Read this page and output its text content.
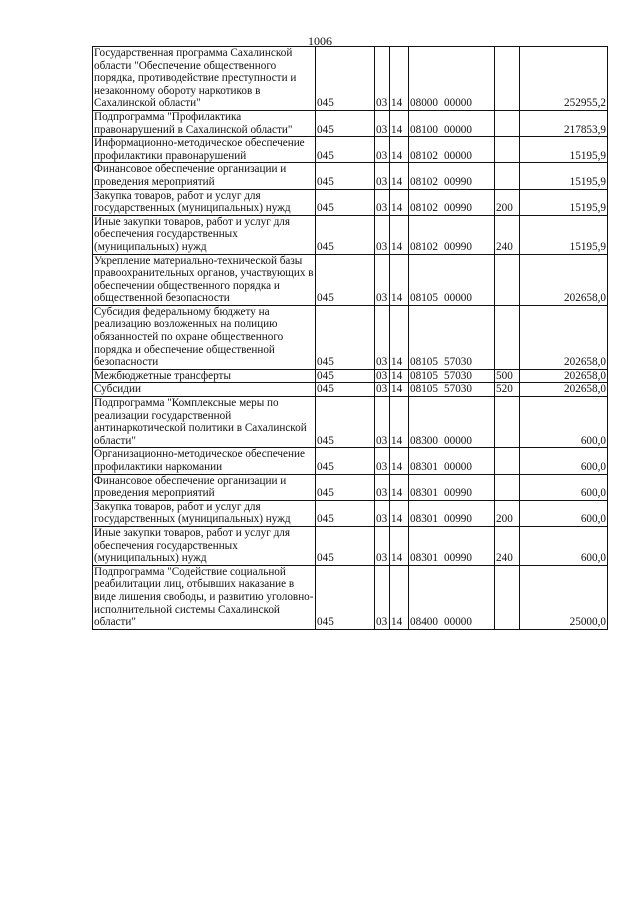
1006
Государственная программа Сахалинской области "Обеспечение общественного порядка, противодействие преступности и незаконному обороту наркотиков в Сахалинской области"	045	03	14	08000 00000		252955,2
Подпрограмма "Профилактика правонарушений в Сахалинской области"	045	03	14	08100 00000		217853,9
Информационно-методическое обеспечение профилактики правонарушений	045	03	14	08102 00000		15195,9
Финансовое обеспечение организации и проведения мероприятий	045	03	14	08102 00990		15195,9
Закупка товаров, работ и услуг для государственных (муниципальных) нужд	045	03	14	08102 00990	200	15195,9
Иные закупки товаров, работ и услуг для обеспечения государственных (муниципальных) нужд	045	03	14	08102 00990	240	15195,9
Укрепление материально-технической базы правоохранительных органов, участвующих в обеспечении общественного порядка и общественной безопасности	045	03	14	08105 00000		202658,0
Субсидия федеральному бюджету на реализацию возложенных на полицию обязанностей по охране общественного порядка и обеспечение общественной безопасности	045	03	14	08105 57030		202658,0
Межбюджетные трансферты	045	03	14	08105 57030	500	202658,0
Субсидии	045	03	14	08105 57030	520	202658,0
Подпрограмма "Комплексные меры по реализации государственной антинаркотической политики в Сахалинской области"	045	03	14	08300 00000		600,0
Организационно-методическое обеспечение профилактики наркомании	045	03	14	08301 00000		600,0
Финансовое обеспечение организации и проведения мероприятий	045	03	14	08301 00990		600,0
Закупка товаров, работ и услуг для государственных (муниципальных) нужд	045	03	14	08301 00990	200	600,0
Иные закупки товаров, работ и услуг для обеспечения государственных (муниципальных) нужд	045	03	14	08301 00990	240	600,0
Подпрограмма "Содействие социальной реабилитации лиц, отбывших наказание в виде лишения свободы, и развитию уголовно-исполнительной системы Сахалинской области"	045	03	14	08400 00000		25000,0
